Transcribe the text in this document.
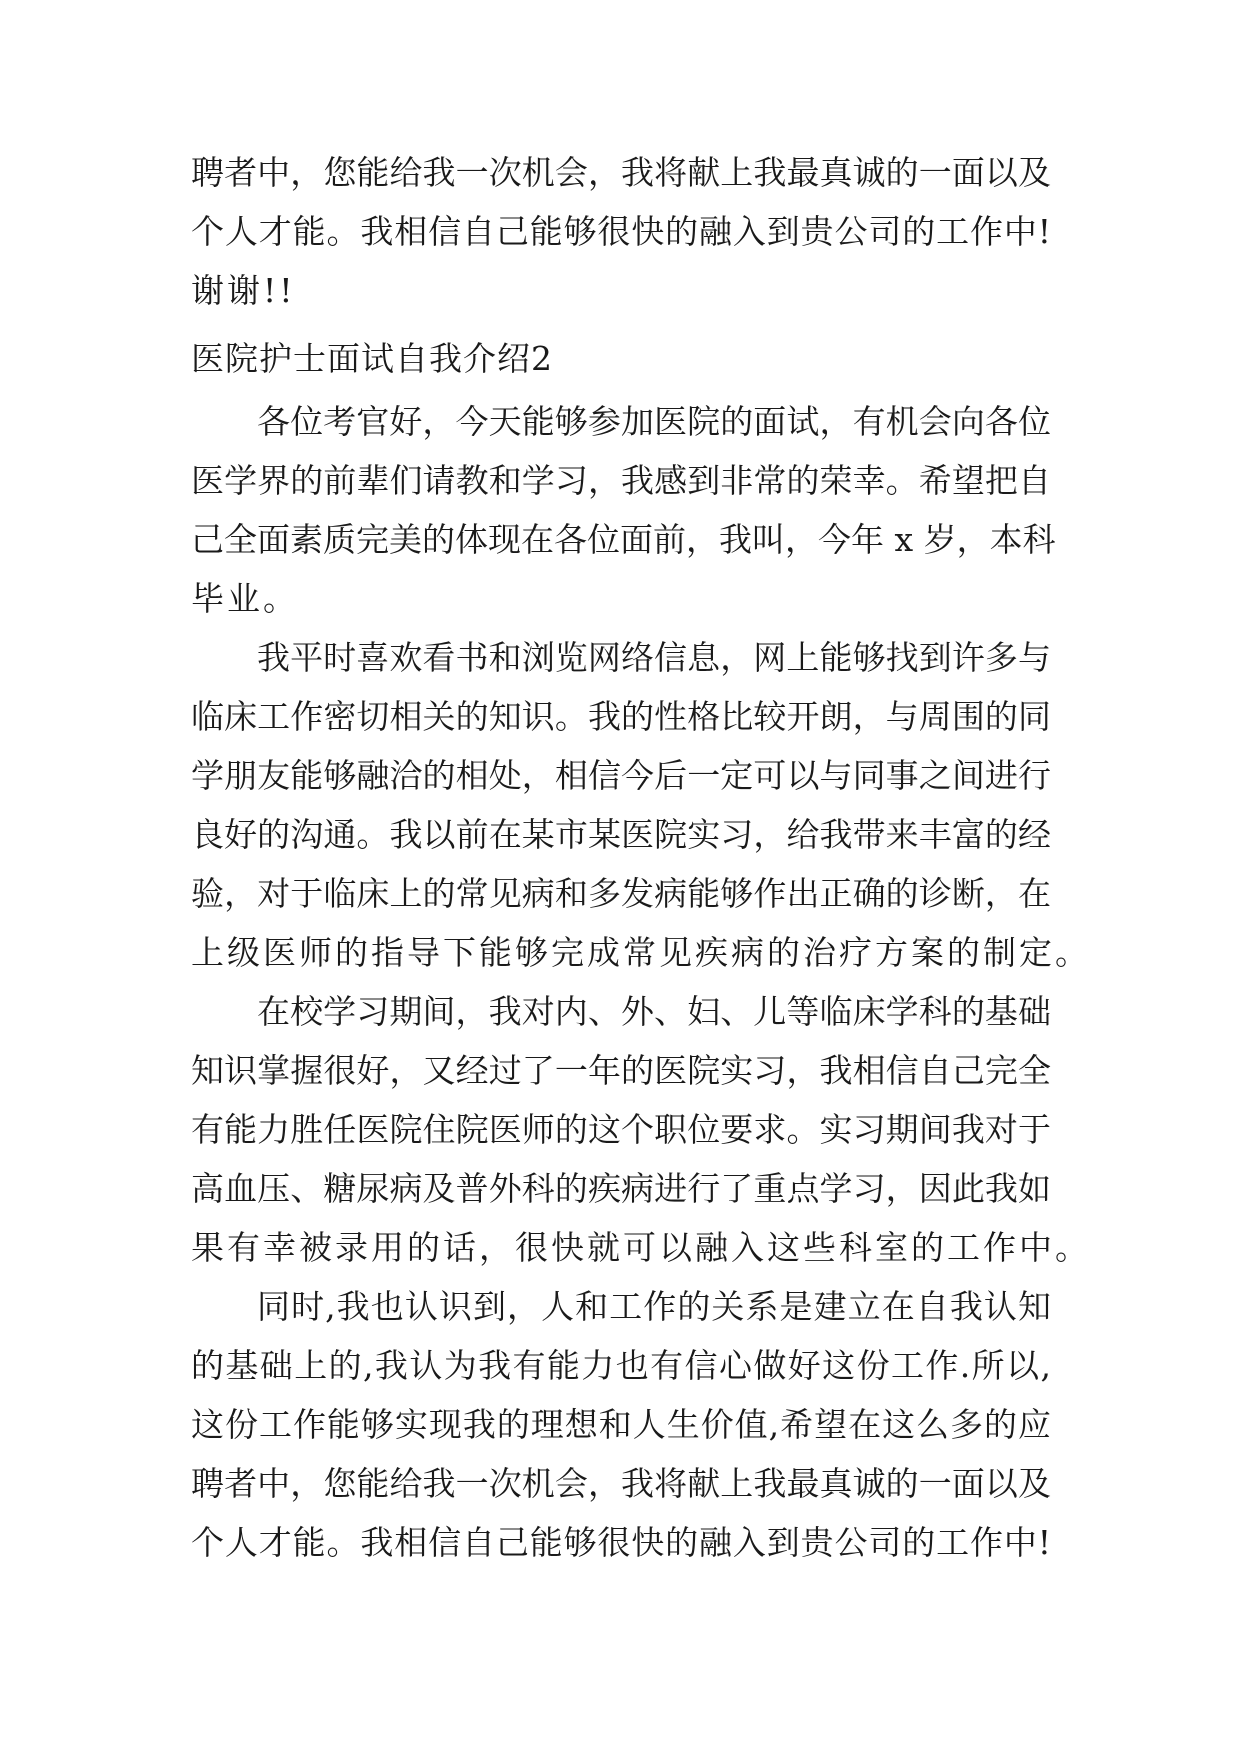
聘者中，您能给我一次机会，我将献上我最真诚的一面以及

个人才能。我相信自己能够很快的融入到贵公司的工作中!

谢谢!!

医院护士面试自我介绍2

各位考官好，今天能够参加医院的面试，有机会向各位

医学界的前辈们请教和学习，我感到非常的荣幸。希望把自

己全面素质完美的体现在各位面前，我叫，今年 x 岁，本科

毕业。

我平时喜欢看书和浏览网络信息，网上能够找到许多与

临床工作密切相关的知识。我的性格比较开朗，与周围的同

学朋友能够融洽的相处，相信今后一定可以与同事之间进行

良好的沟通。我以前在某市某医院实习，给我带来丰富的经

验，对于临床上的常见病和多发病能够作出正确的诊断，在

上级医师的指导下能够完成常见疾病的治疗方案的制定。

在校学习期间，我对内、外、妇、儿等临床学科的基础

知识掌握很好，又经过了一年的医院实习，我相信自己完全

有能力胜任医院住院医师的这个职位要求。实习期间我对于

高血压、糖尿病及普外科的疾病进行了重点学习，因此我如

果有幸被录用的话，很快就可以融入这些科室的工作中。

同时,我也认识到，人和工作的关系是建立在自我认知

的基础上的,我认为我有能力也有信心做好这份工作.所以,

这份工作能够实现我的理想和人生价值,希望在这么多的应

聘者中，您能给我一次机会，我将献上我最真诚的一面以及

个人才能。我相信自己能够很快的融入到贵公司的工作中!
